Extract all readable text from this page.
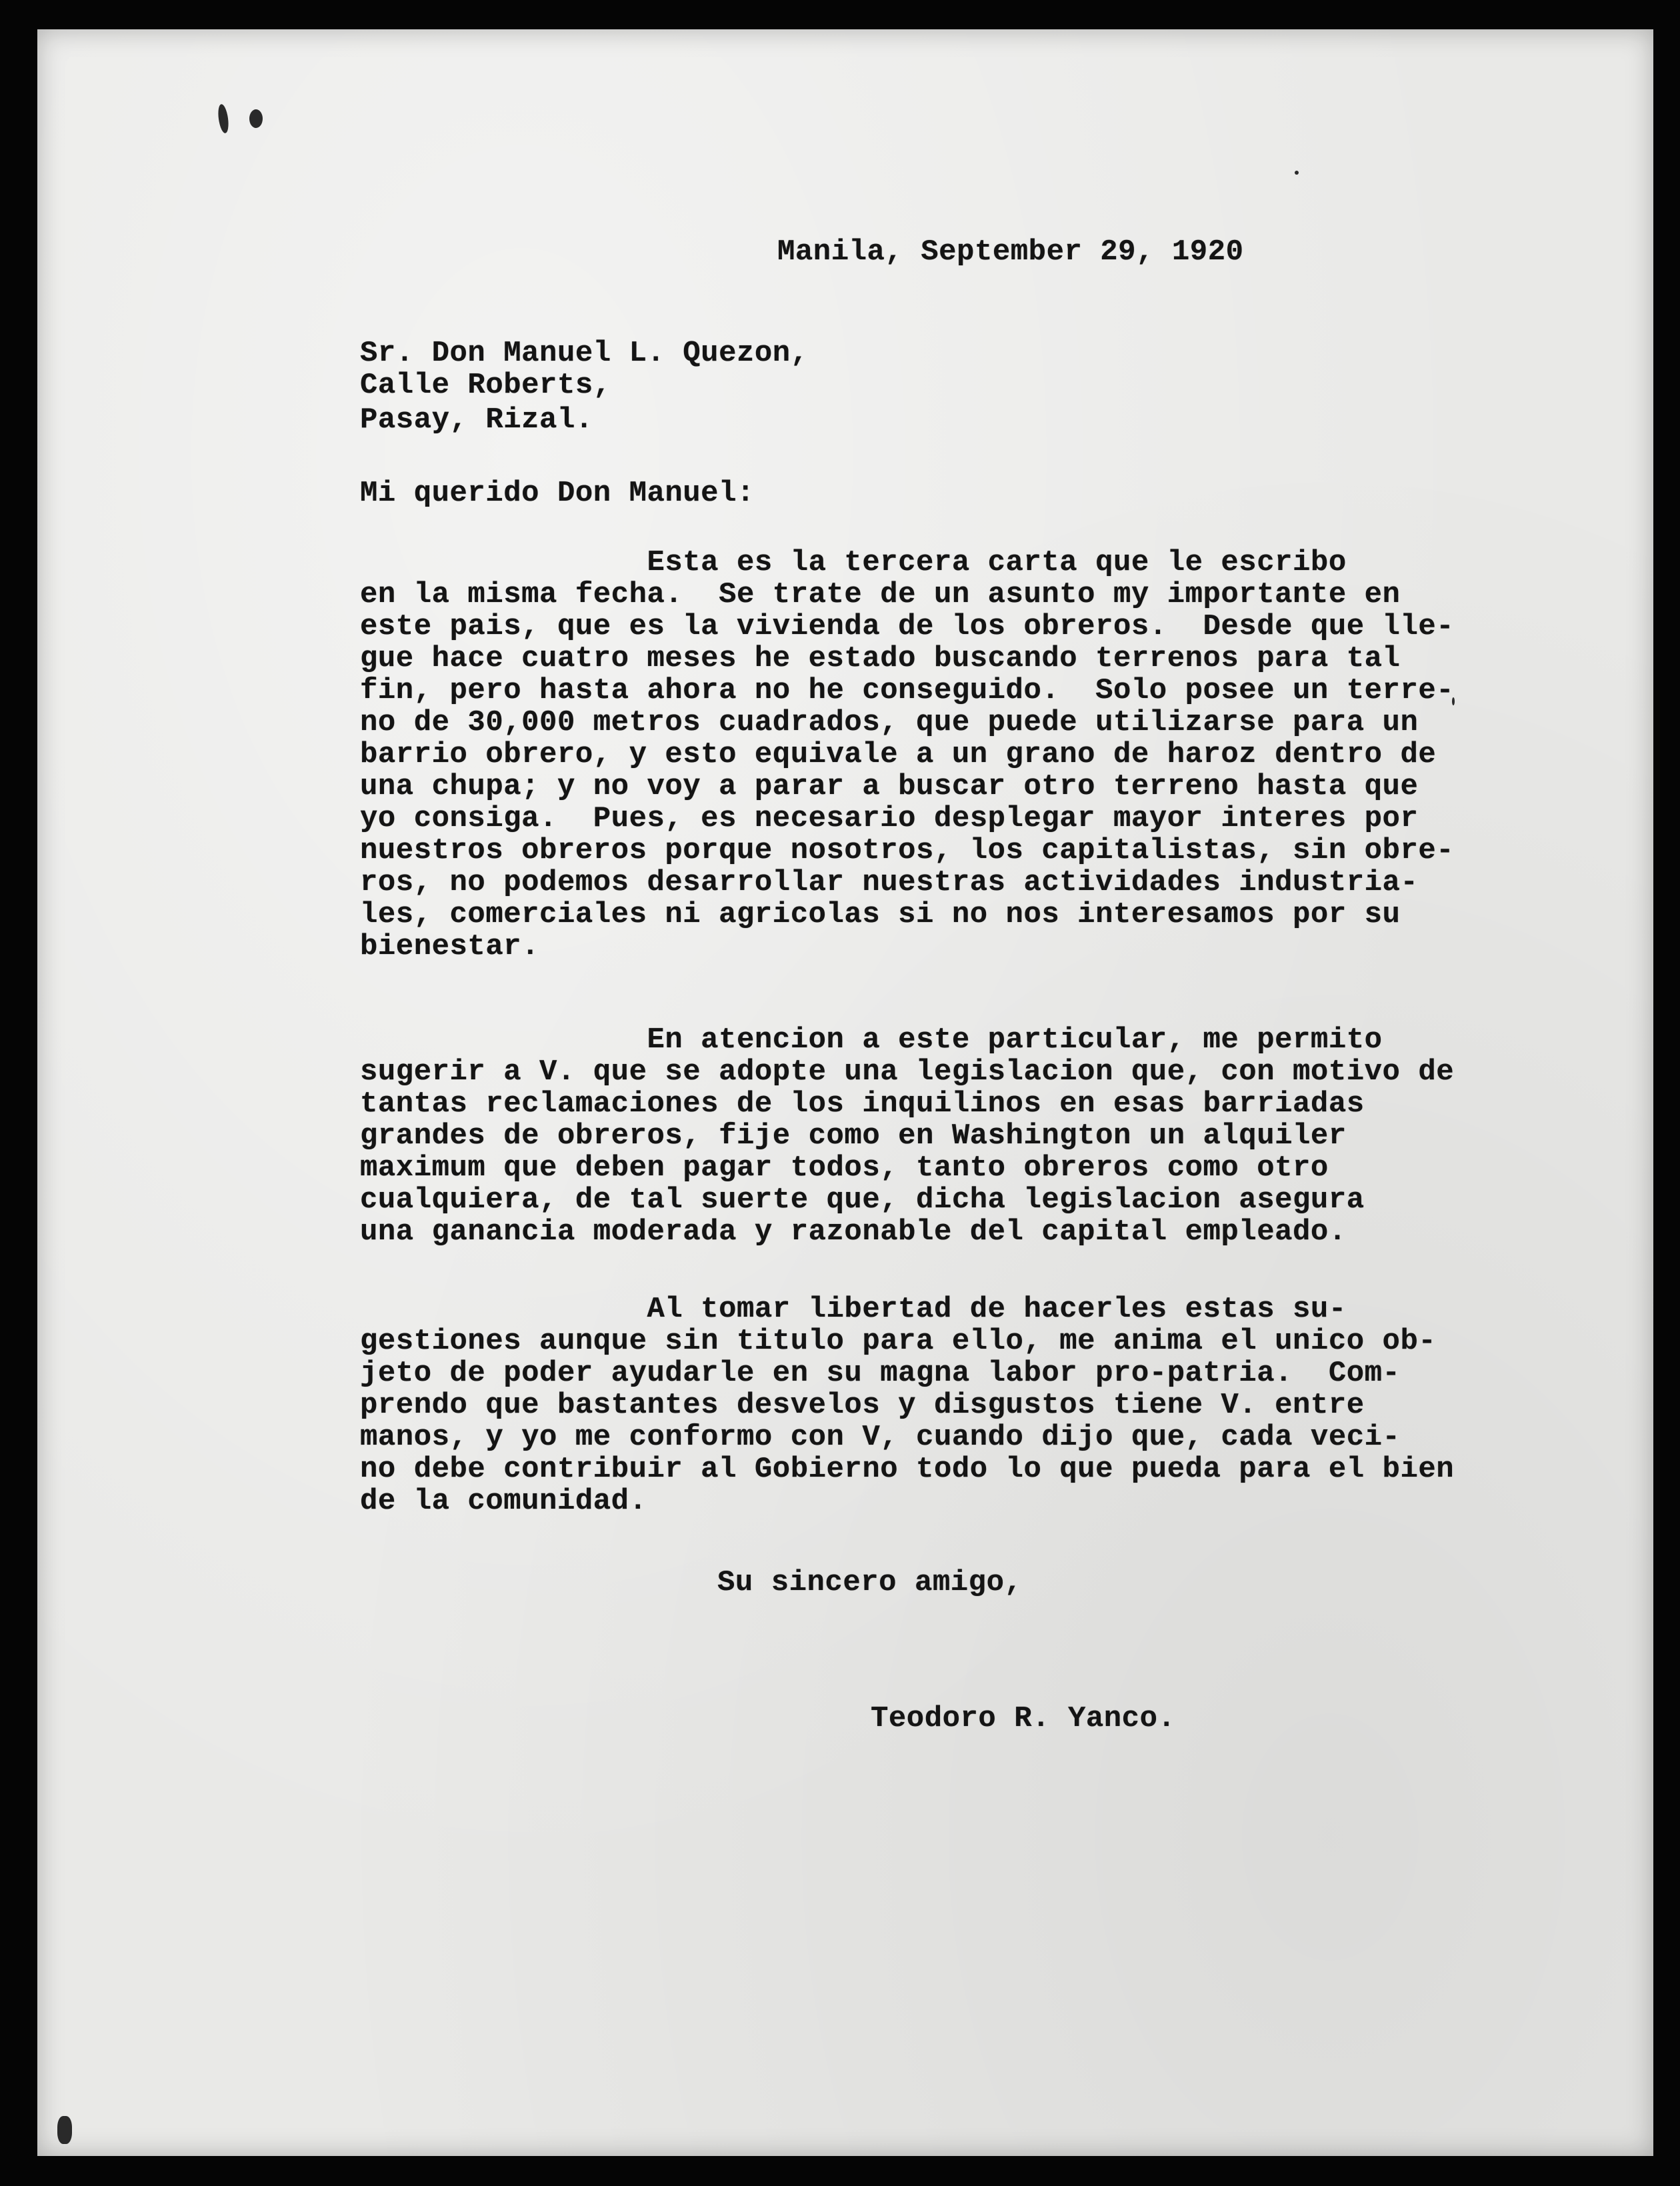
Manila, September 29, 1920
Sr. Don Manuel L. Quezon,
Calle Roberts,
Pasay, Rizal.
Mi querido Don Manuel:
Esta es la tercera carta que le escribo
en la misma fecha.  Se trate de un asunto my importante en
este pais, que es la vivienda de los obreros.  Desde que lle-
gue hace cuatro meses he estado buscando terrenos para tal
fin, pero hasta ahora no he conseguido.  Solo posee un terre-
no de 30,000 metros cuadrados, que puede utilizarse para un
barrio obrero, y esto equivale a un grano de haroz dentro de
una chupa; y no voy a parar a buscar otro terreno hasta que
yo consiga.  Pues, es necesario desplegar mayor interes por
nuestros obreros porque nosotros, los capitalistas, sin obre-
ros, no podemos desarrollar nuestras actividades industria-
les, comerciales ni agricolas si no nos interesamos por su
bienestar.
En atencion a este particular, me permito
sugerir a V. que se adopte una legislacion que, con motivo de
tantas reclamaciones de los inquilinos en esas barriadas
grandes de obreros, fije como en Washington un alquiler
maximum que deben pagar todos, tanto obreros como otro
cualquiera, de tal suerte que, dicha legislacion asegura
una ganancia moderada y razonable del capital empleado.
Al tomar libertad de hacerles estas su-
gestiones aunque sin titulo para ello, me anima el unico ob-
jeto de poder ayudarle en su magna labor pro-patria.  Com-
prendo que bastantes desvelos y disgustos tiene V. entre
manos, y yo me conformo con V, cuando dijo que, cada veci-
no debe contribuir al Gobierno todo lo que pueda para el bien
de la comunidad.
Su sincero amigo,
Teodoro R. Yanco.
